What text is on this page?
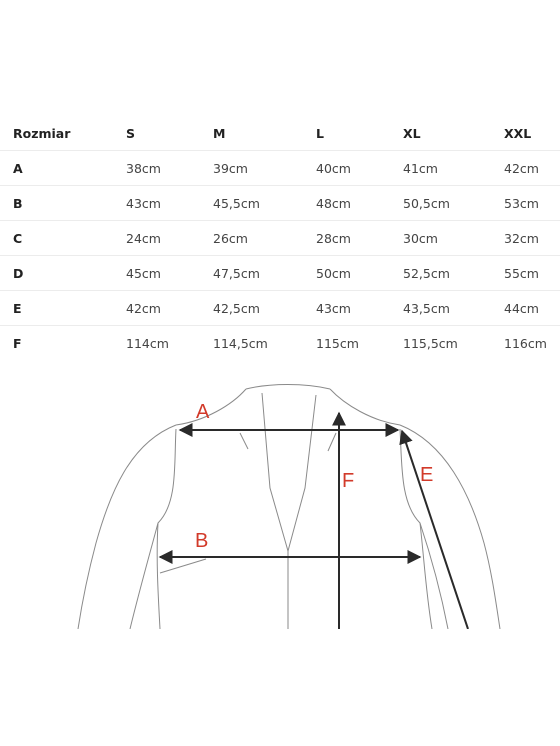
Rozmiar	S	M	L	XL	XXL
A	38cm	39cm	40cm	41cm	42cm
B	43cm	45,5cm	48cm	50,5cm	53cm
C	24cm	26cm	28cm	30cm	32cm
D	45cm	47,5cm	50cm	52,5cm	55cm
E	42cm	42,5cm	43cm	43,5cm	44cm
F	114cm	114,5cm	115cm	115,5cm	116cm
A
B
F	E
